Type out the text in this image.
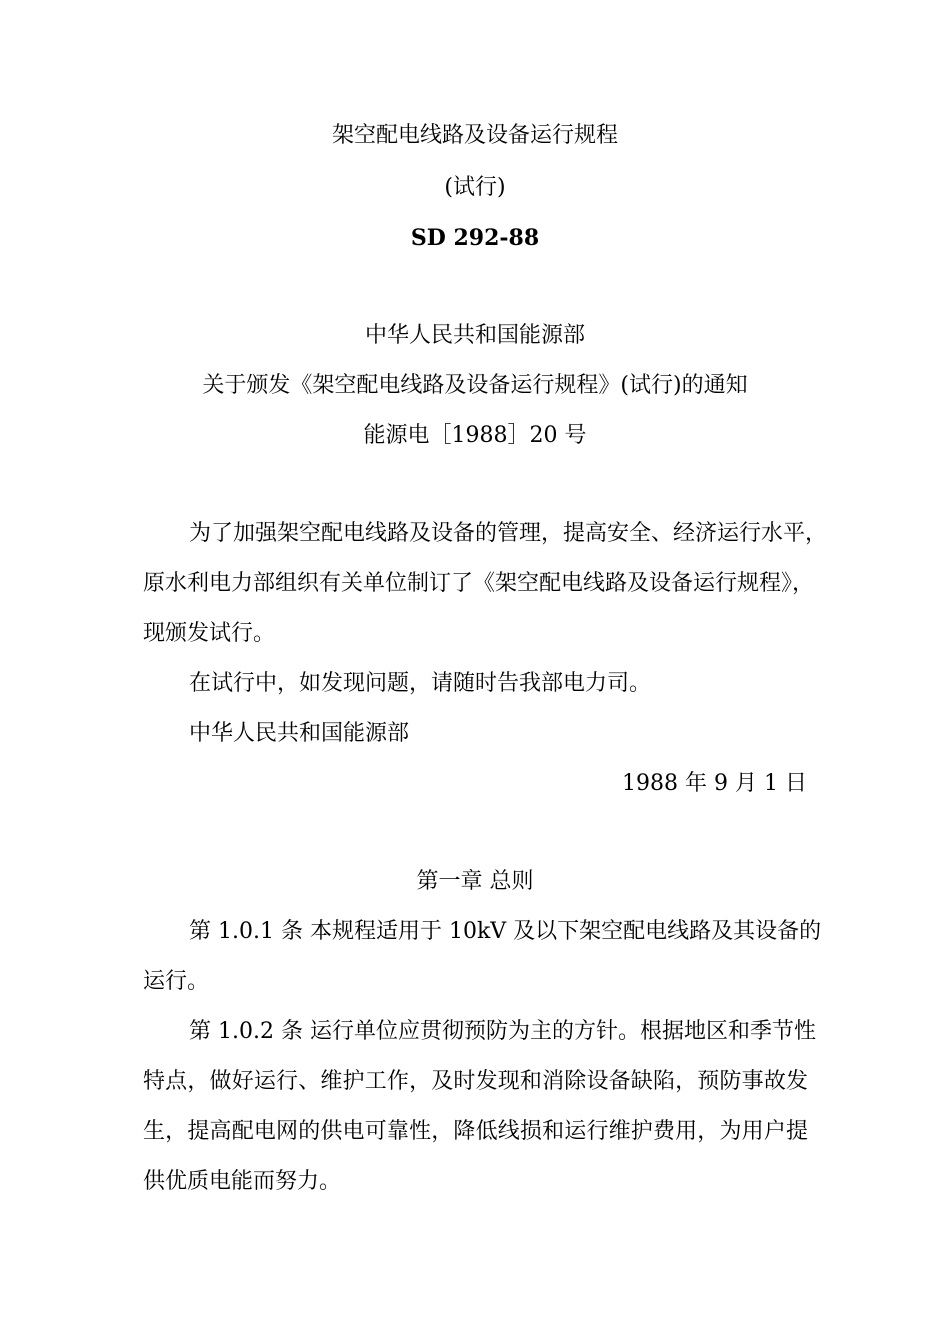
架空配电线路及设备运行规程
(试行)
SD 292-88
中华人民共和国能源部
关于颁发《架空配电线路及设备运行规程》(试行)的通知
能源电［1988］20 号
为了加强架空配电线路及设备的管理，提高安全、经济运行水平，
原水利电力部组织有关单位制订了《架空配电线路及设备运行规程》，
现颁发试行。
在试行中，如发现问题，请随时告我部电力司。
中华人民共和国能源部
1988 年 9 月 1 日
第一章 总则
第 1.0.1 条 本规程适用于 10kV 及以下架空配电线路及其设备的
运行。
第 1.0.2 条 运行单位应贯彻预防为主的方针。根据地区和季节性
特点，做好运行、维护工作，及时发现和消除设备缺陷，预防事故发
生，提高配电网的供电可靠性，降低线损和运行维护费用，为用户提
供优质电能而努力。
